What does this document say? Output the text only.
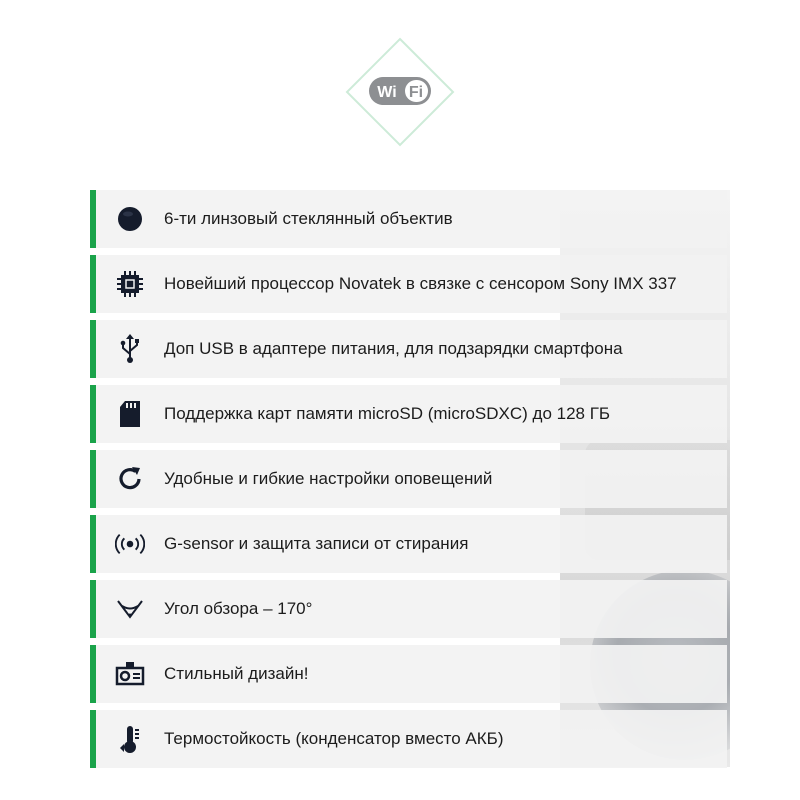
Wi Fi
6-ти линзовый стеклянный объектив
Новейший процессор Novatek в связке с сенсором Sony IMX 337
Доп USB в адаптере питания, для подзарядки смартфона
Поддержка карт памяти microSD (microSDXC) до 128 ГБ
Удобные и гибкие настройки оповещений
G-sensor и защита записи от стирания
Угол обзора – 170°
Стильный дизайн!
Термостойкость (конденсатор вместо АКБ)
